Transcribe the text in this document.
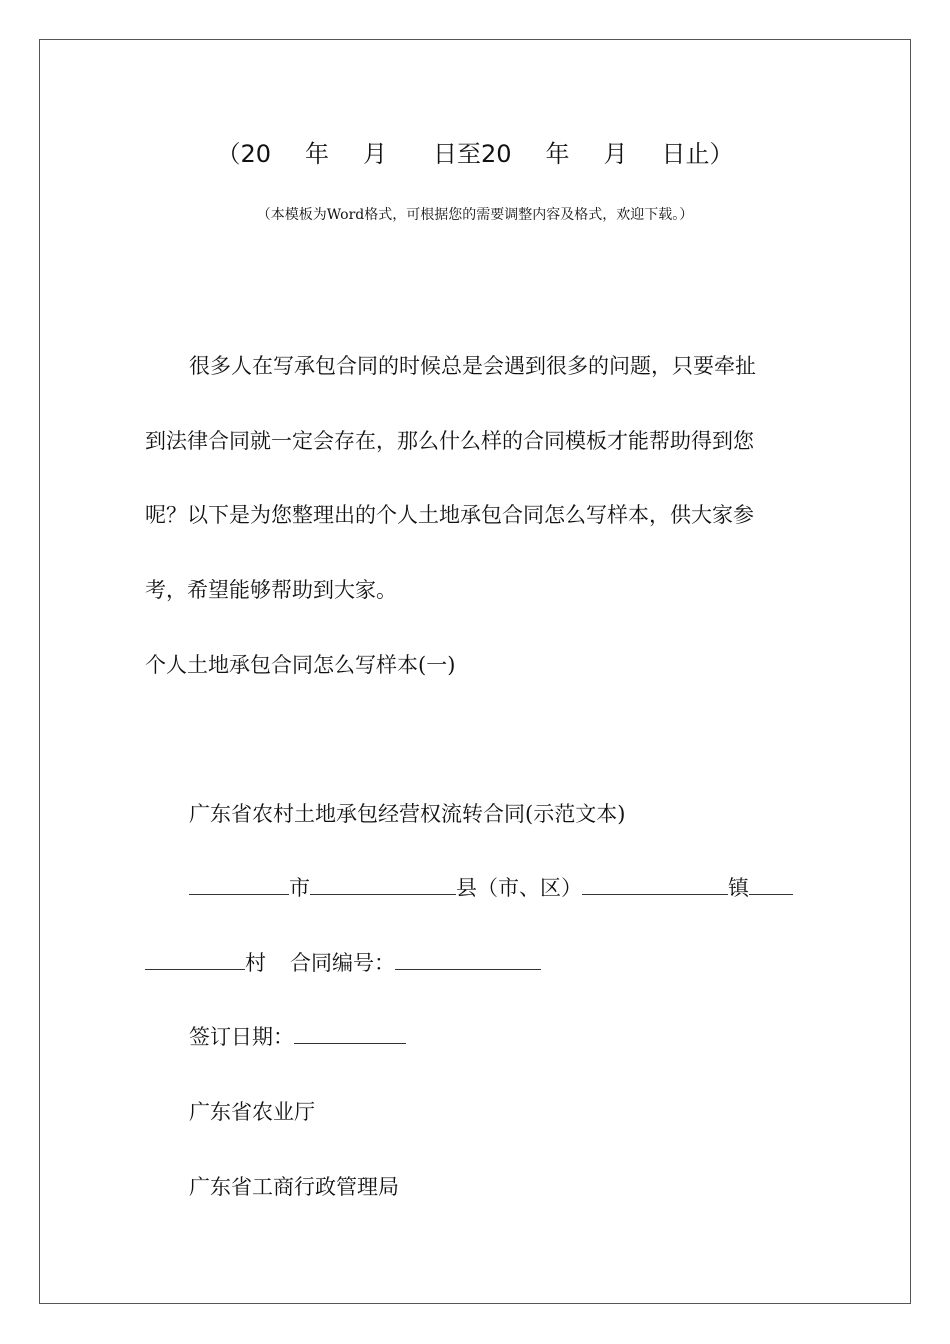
（20 年 月 日至20 年 月 日止）
（本模板为Word格式，可根据您的需要调整内容及格式，欢迎下载。）
很多人在写承包合同的时候总是会遇到很多的问题，只要牵扯
到法律合同就一定会存在，那么什么样的合同模板才能帮助得到您
呢？以下是为您整理出的个人土地承包合同怎么写样本，供大家参
考，希望能够帮助到大家。
个人土地承包合同怎么写样本(一)
广东省农村土地承包经营权流转合同(示范文本)
市	县（市、区）	镇
村 合同编号：
签订日期：
广东省农业厅
广东省工商行政管理局
